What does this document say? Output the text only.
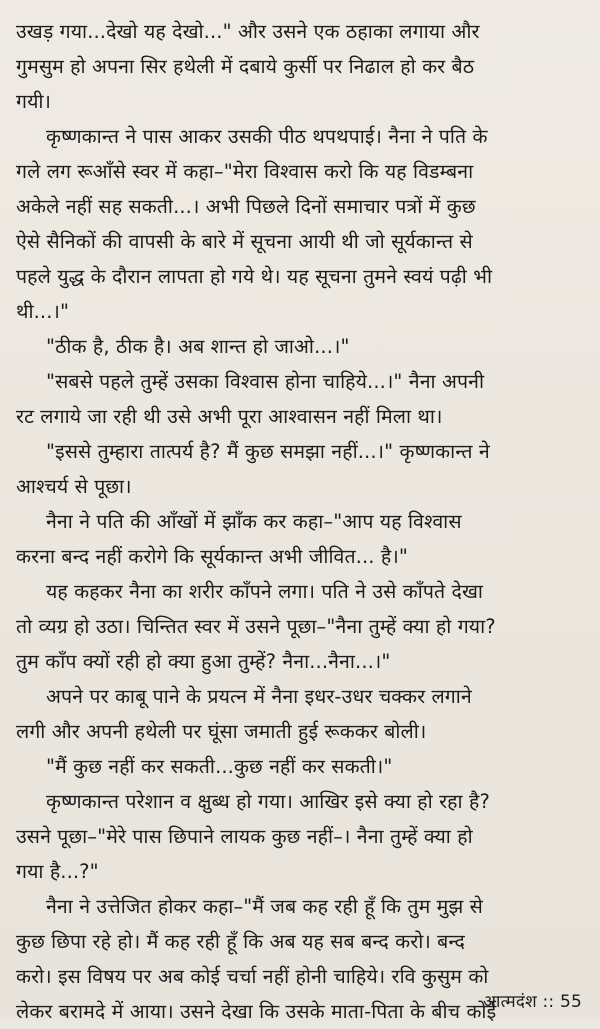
उखड़ गया...देखो यह देखो..." और उसने एक ठहाका लगाया और
गुमसुम हो अपना सिर हथेली में दबाये कुर्सी पर निढाल हो कर बैठ
गयी।
कृष्णकान्त ने पास आकर उसकी पीठ थपथपाई। नैना ने पति के
गले लग रूआँसे स्वर में कहा–"मेरा विश्वास करो कि यह विडम्बना
अकेले नहीं सह सकती...। अभी पिछले दिनों समाचार पत्रों में कुछ
ऐसे सैनिकों की वापसी के बारे में सूचना आयी थी जो सूर्यकान्त से
पहले युद्ध के दौरान लापता हो गये थे। यह सूचना तुमने स्वयं पढ़ी भी
थी...।"
"ठीक है, ठीक है। अब शान्त हो जाओ...।"
"सबसे पहले तुम्हें उसका विश्वास होना चाहिये...।" नैना अपनी
रट लगाये जा रही थी उसे अभी पूरा आश्वासन नहीं मिला था।
"इससे तुम्हारा तात्पर्य है? मैं कुछ समझा नहीं...।" कृष्णकान्त ने
आश्चर्य से पूछा।
नैना ने पति की आँखों में झाँक कर कहा–"आप यह विश्वास
करना बन्द नहीं करोगे कि सूर्यकान्त अभी जीवित... है।"
यह कहकर नैना का शरीर काँपने लगा। पति ने उसे काँपते देखा
तो व्यग्र हो उठा। चिन्तित स्वर में उसने पूछा–"नैना तुम्हें क्या हो गया?
तुम काँप क्यों रही हो क्या हुआ तुम्हें? नैना...नैना...।"
अपने पर काबू पाने के प्रयत्न में नैना इधर-उधर चक्कर लगाने
लगी और अपनी हथेली पर घूंसा जमाती हुई रूककर बोली।
"मैं कुछ नहीं कर सकती...कुछ नहीं कर सकती।"
कृष्णकान्त परेशान व क्षुब्ध हो गया। आखिर इसे क्या हो रहा है?
उसने पूछा–"मेरे पास छिपाने लायक कुछ नहीं–। नैना तुम्हें क्या हो
गया है...?"
नैना ने उत्तेजित होकर कहा–"मैं जब कह रही हूँ कि तुम मुझ से
कुछ छिपा रहे हो। मैं कह रही हूँ कि अब यह सब बन्द करो। बन्द
करो। इस विषय पर अब कोई चर्चा नहीं होनी चाहिये। रवि कुसुम को
लेकर बरामदे में आया। उसने देखा कि उसके माता-पिता के बीच कोई
आत्मदंश :: 55
